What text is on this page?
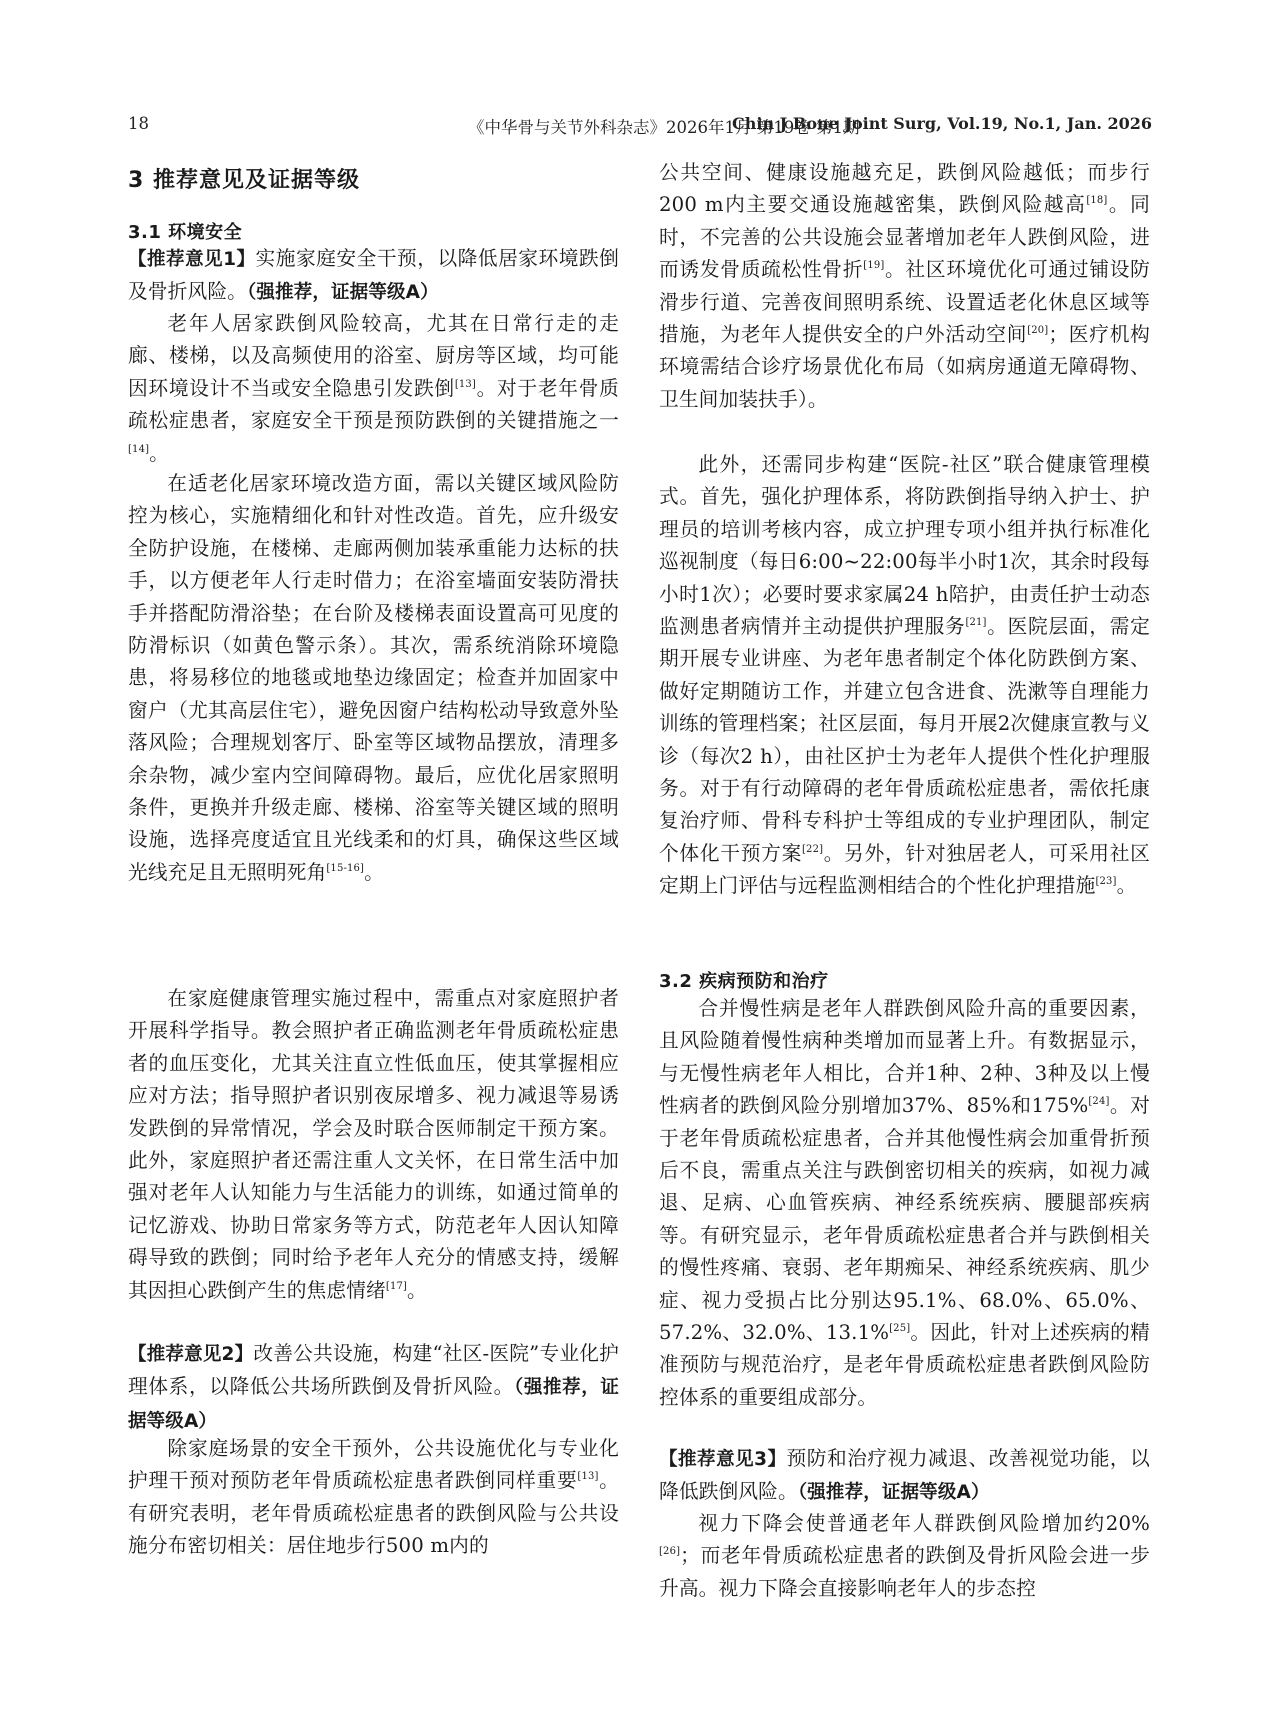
18	《中华骨与关节外科杂志》2026年1月 第19卷 第1期
Chin J Bone Joint Surg, Vol.19, No.1, Jan. 2026
3 推荐意见及证据等级
3.1 环境安全

【推荐意见1】实施家庭安全干预，以降低居家环境跌倒及骨折风险。（强推荐，证据等级A）

老年人居家跌倒风险较高，尤其在日常行走的走廊、楼梯，以及高频使用的浴室、厨房等区域，均可能因环境设计不当或安全隐患引发跌倒[13]。对于老年骨质疏松症患者，家庭安全干预是预防跌倒的关键措施之一[14]。

在适老化居家环境改造方面，需以关键区域风险防控为核心，实施精细化和针对性改造。首先，应升级安全防护设施，在楼梯、走廊两侧加装承重能力达标的扶手，以方便老年人行走时借力；在浴室墙面安装防滑扶手并搭配防滑浴垫；在台阶及楼梯表面设置高可见度的防滑标识（如黄色警示条）。其次，需系统消除环境隐患，将易移位的地毯或地垫边缘固定；检查并加固家中窗户（尤其高层住宅），避免因窗户结构松动导致意外坠落风险；合理规划客厅、卧室等区域物品摆放，清理多余杂物，减少室内空间障碍物。最后，应优化居家照明条件，更换并升级走廊、楼梯、浴室等关键区域的照明设施，选择亮度适宜且光线柔和的灯具，确保这些区域光线充足且无照明死角[15-16]。

在家庭健康管理实施过程中，需重点对家庭照护者开展科学指导。教会照护者正确监测老年骨质疏松症患者的血压变化，尤其关注直立性低血压，使其掌握相应应对方法；指导照护者识别夜尿增多、视力减退等易诱发跌倒的异常情况，学会及时联合医师制定干预方案。此外，家庭照护者还需注重人文关怀，在日常生活中加强对老年人认知能力与生活能力的训练，如通过简单的记忆游戏、协助日常家务等方式，防范老年人因认知障碍导致的跌倒；同时给予老年人充分的情感支持，缓解其因担心跌倒产生的焦虑情绪[17]。

【推荐意见2】改善公共设施，构建“社区-医院”专业化护理体系，以降低公共场所跌倒及骨折风险。（强推荐，证据等级A）

除家庭场景的安全干预外，公共设施优化与专业化护理干预对预防老年骨质疏松症患者跌倒同样重要[13]。有研究表明，老年骨质疏松症患者的跌倒风险与公共设施分布密切相关：居住地步行500 m内的

公共空间、健康设施越充足，跌倒风险越低；而步行200 m内主要交通设施越密集，跌倒风险越高[18]。同时，不完善的公共设施会显著增加老年人跌倒风险，进而诱发骨质疏松性骨折[19]。社区环境优化可通过铺设防滑步行道、完善夜间照明系统、设置适老化休息区域等措施，为老年人提供安全的户外活动空间[20]；医疗机构环境需结合诊疗场景优化布局（如病房通道无障碍物、卫生间加装扶手）。

此外，还需同步构建“医院-社区”联合健康管理模式。首先，强化护理体系，将防跌倒指导纳入护士、护理员的培训考核内容，成立护理专项小组并执行标准化巡视制度（每日6:00~22:00每半小时1次，其余时段每小时1次）；必要时要求家属24 h陪护，由责任护士动态监测患者病情并主动提供护理服务[21]。医院层面，需定期开展专业讲座、为老年患者制定个体化防跌倒方案、做好定期随访工作，并建立包含进食、洗漱等自理能力训练的管理档案；社区层面，每月开展2次健康宣教与义诊（每次2 h），由社区护士为老年人提供个性化护理服务。对于有行动障碍的老年骨质疏松症患者，需依托康复治疗师、骨科专科护士等组成的专业护理团队，制定个体化干预方案[22]。另外，针对独居老人，可采用社区定期上门评估与远程监测相结合的个性化护理措施[23]。

3.2 疾病预防和治疗

合并慢性病是老年人群跌倒风险升高的重要因素，且风险随着慢性病种类增加而显著上升。有数据显示，与无慢性病老年人相比，合并1种、2种、3种及以上慢性病者的跌倒风险分别增加37%、85%和175%[24]。对于老年骨质疏松症患者，合并其他慢性病会加重骨折预后不良，需重点关注与跌倒密切相关的疾病，如视力减退、足病、心血管疾病、神经系统疾病、腰腿部疾病等。有研究显示，老年骨质疏松症患者合并与跌倒相关的慢性疼痛、衰弱、老年期痴呆、神经系统疾病、肌少症、视力受损占比分别达95.1%、68.0%、65.0%、57.2%、32.0%、13.1%[25]。因此，针对上述疾病的精准预防与规范治疗，是老年骨质疏松症患者跌倒风险防控体系的重要组成部分。

【推荐意见3】预防和治疗视力减退、改善视觉功能，以降低跌倒风险。（强推荐，证据等级A）

视力下降会使普通老年人群跌倒风险增加约20%[26]；而老年骨质疏松症患者的跌倒及骨折风险会进一步升高。视力下降会直接影响老年人的步态控
